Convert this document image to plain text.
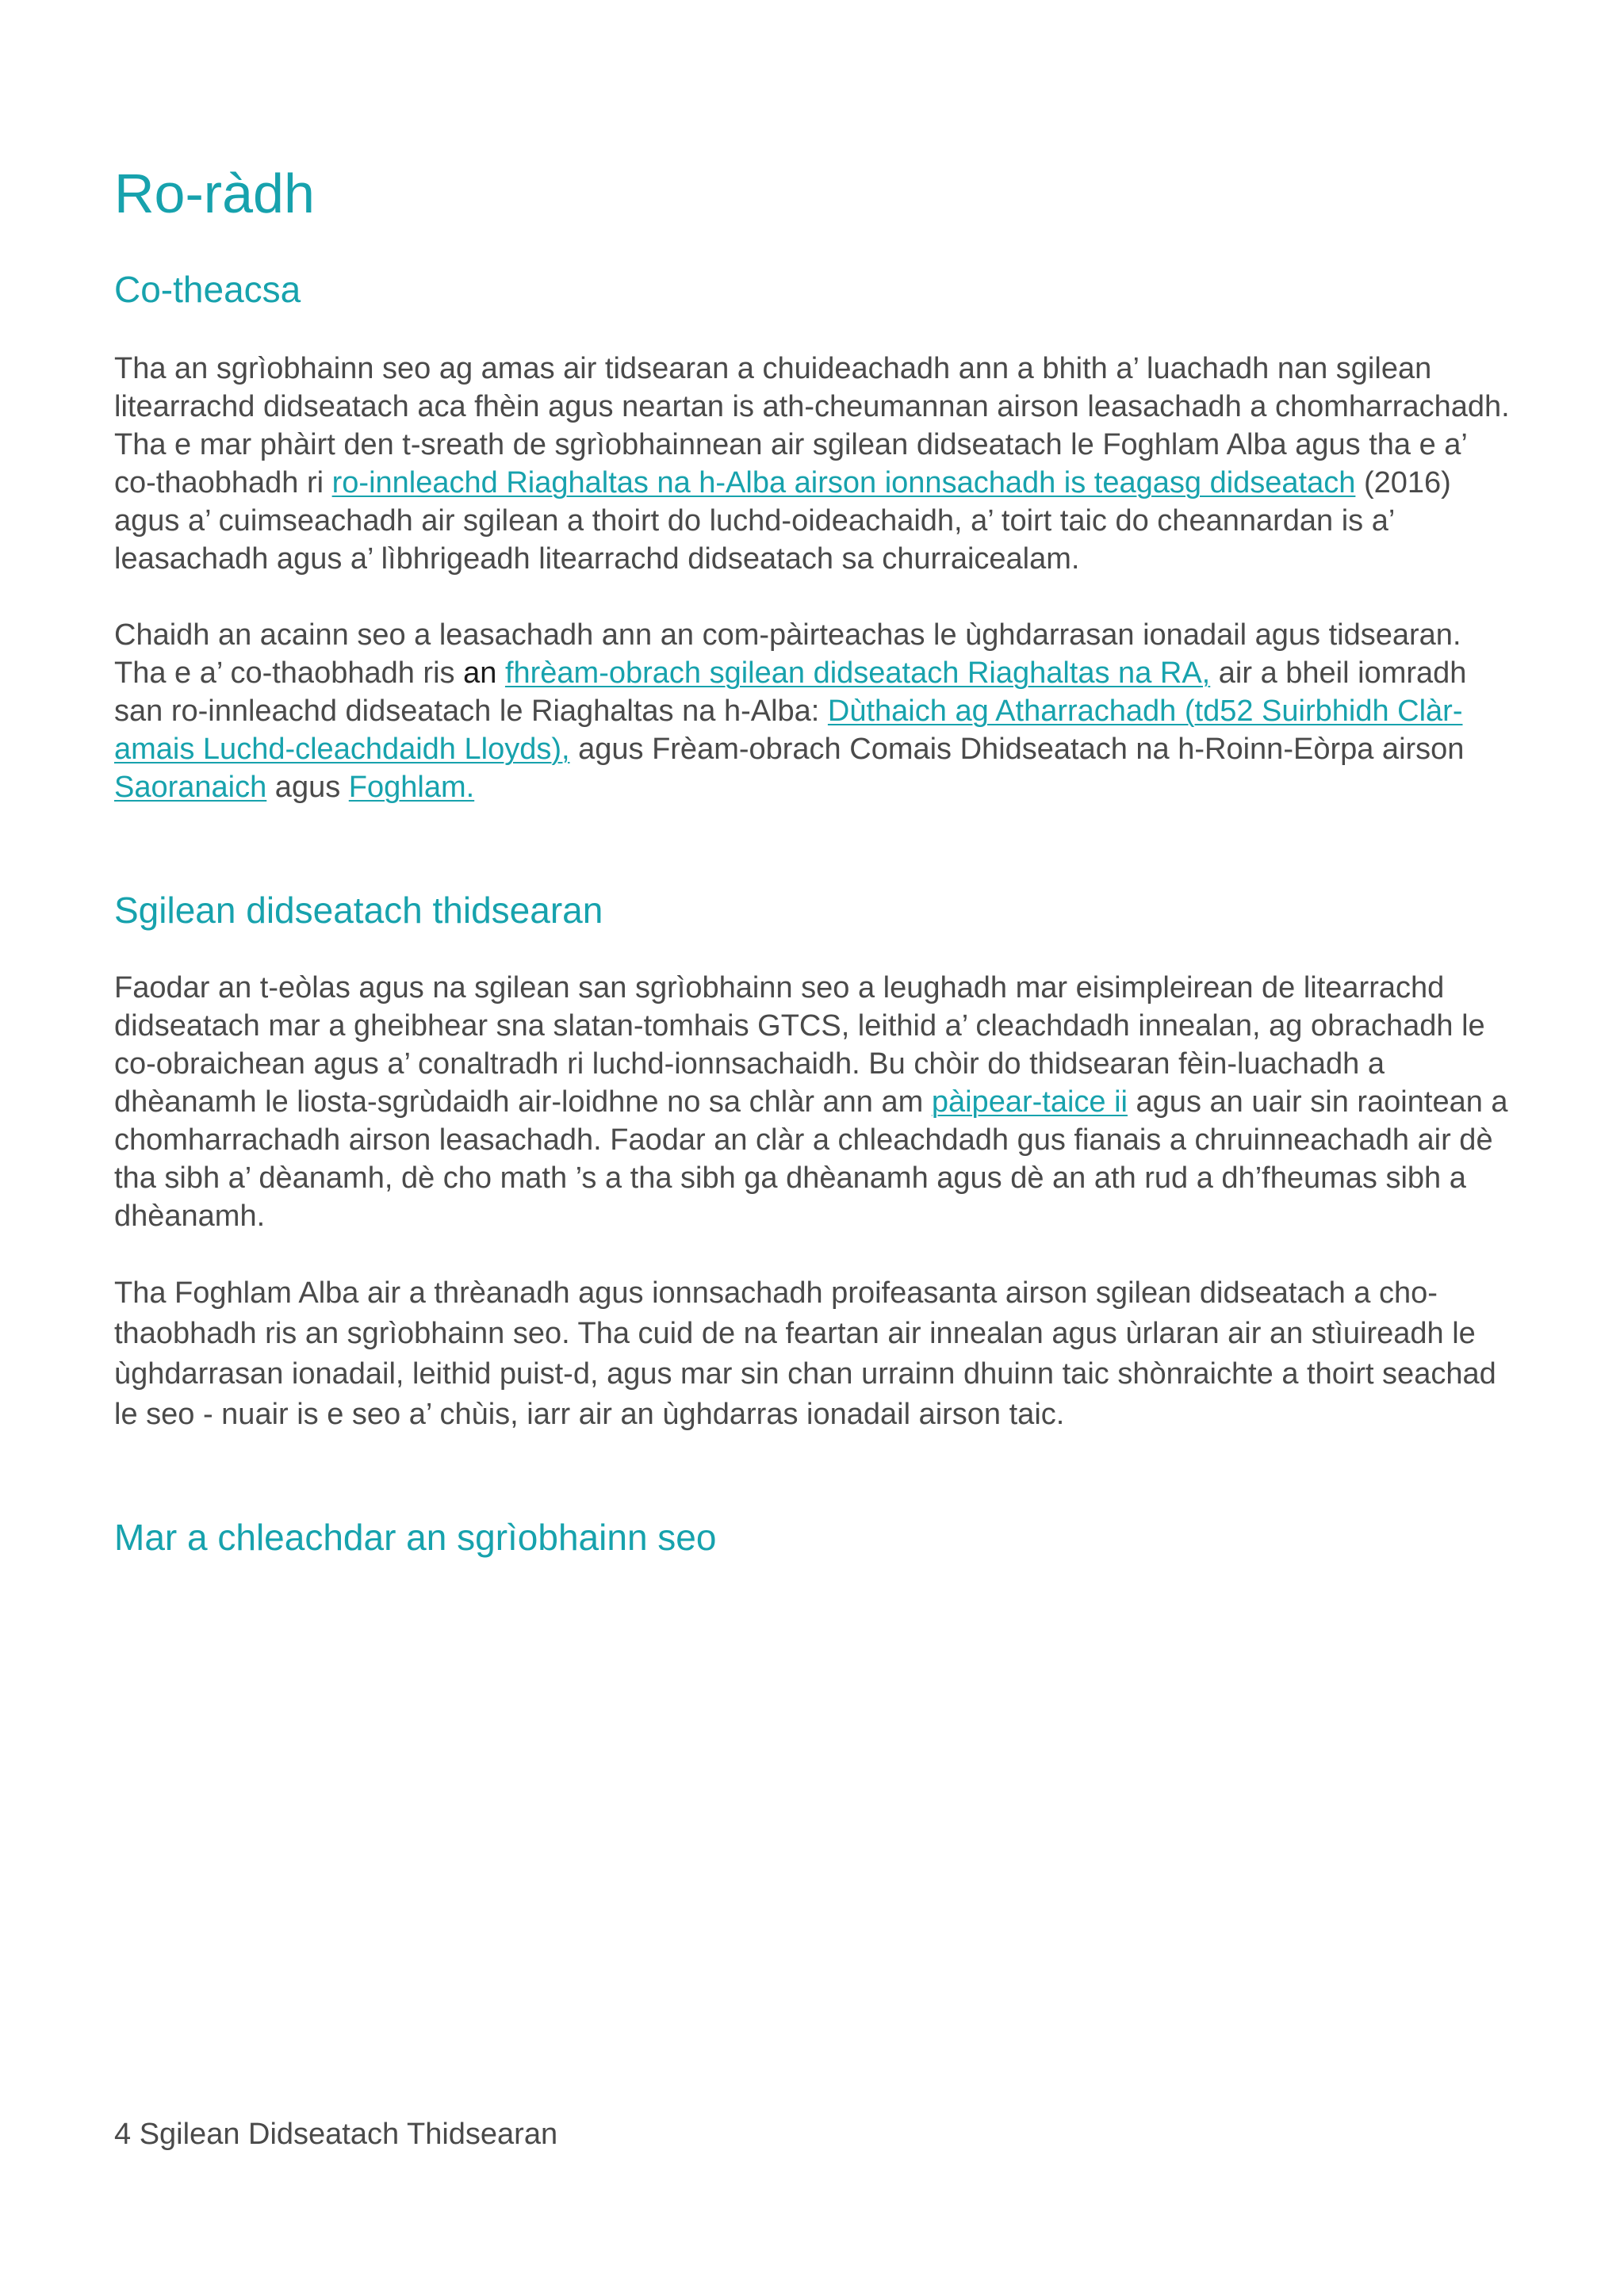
Ro-ràdh
Co-theacsa

Tha an sgrìobhainn seo ag amas air tidsearan a chuideachadh ann a bhith a’ luachadh nan sgilean litearrachd didseatach aca fhèin agus neartan is ath-cheumannan airson leasachadh a chomharrachadh. Tha e mar phàirt den t-sreath de sgrìobhainnean air sgilean didseatach le Foghlam Alba agus tha e a’ co-thaobhadh ri ro-innleachd Riaghaltas na h-Alba airson ionnsachadh is teagasg didseatach (2016) agus a’ cuimseachadh air sgilean a thoirt do luchd-oideachaidh, a’ toirt taic do cheannardan is a’ leasachadh agus a’ lìbhrigeadh litearrachd didseatach sa churraicealam.

Chaidh an acainn seo a leasachadh ann an com-pàirteachas le ùghdarrasan ionadail agus tidsearan. Tha e a’ co-thaobhadh ris an fhrèam-obrach sgilean didseatach Riaghaltas na RA, air a bheil iomradh san ro-innleachd didseatach le Riaghaltas na h-Alba: Dùthaich ag Atharrachadh (td52 Suirbhidh Clàr-amais Luchd-cleachdaidh Lloyds), agus Frèam-obrach Comais Dhidseatach na h-Roinn-Eòrpa airson Saoranaich agus Foghlam.

Sgilean didseatach thidsearan

Faodar an t-eòlas agus na sgilean san sgrìobhainn seo a leughadh mar eisimpleirean de litearrachd didseatach mar a gheibhear sna slatan-tomhais GTCS, leithid a’ cleachdadh innealan, ag obrachadh le co-obraichean agus a’ conaltradh ri luchd-ionnsachaidh. Bu chòir do thidsearan fèin-luachadh a dhèanamh le liosta-sgrùdaidh air-loidhne no sa chlàr ann am pàipear-taice ii agus an uair sin raointean a chomharrachadh airson leasachadh. Faodar an clàr a chleachdadh gus fianais a chruinneachadh air dè tha sibh a’ dèanamh, dè cho math ’s a tha sibh ga dhèanamh agus dè an ath rud a dh’fheumas sibh a dhèanamh.

Tha Foghlam Alba air a thrèanadh agus ionnsachadh proifeasanta airson sgilean didseatach a cho-thaobhadh ris an sgrìobhainn seo. Tha cuid de na feartan air innealan agus ùrlaran air an stìuireadh le ùghdarrasan ionadail, leithid puist-d, agus mar sin chan urrainn dhuinn taic shònraichte a thoirt seachad le seo - nuair is e seo a’ chùis, iarr air an ùghdarras ionadail airson taic.

Mar a chleachdar an sgrìobhainn seo
4 Sgilean Didseatach Thidsearan
